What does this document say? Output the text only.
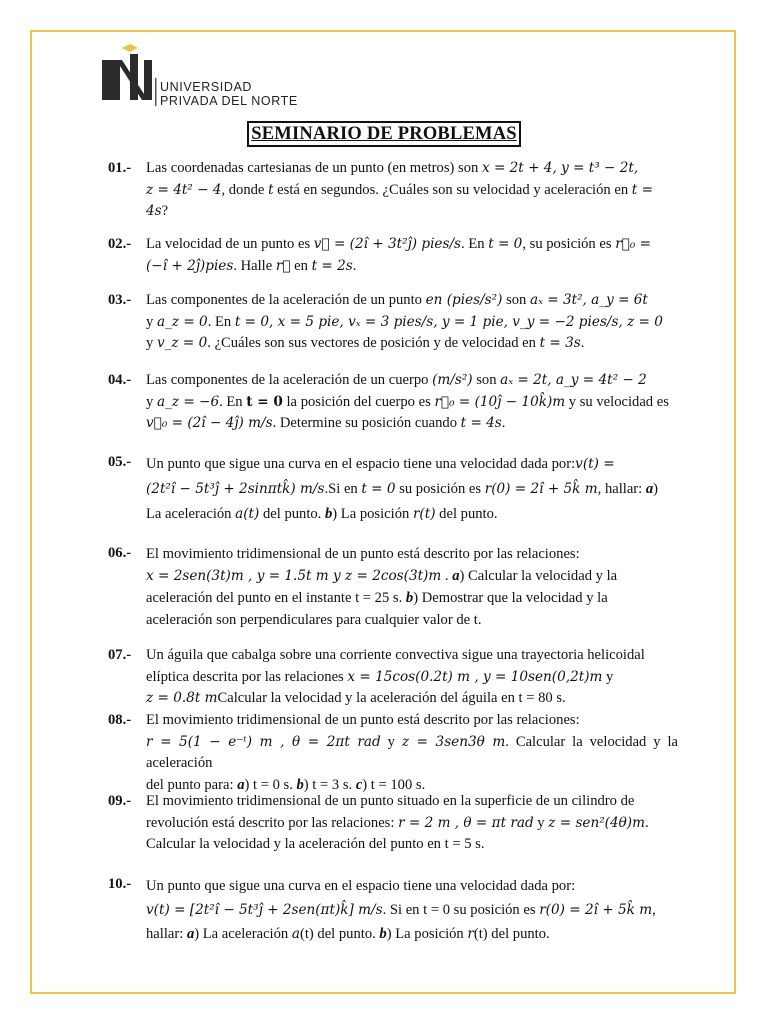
UNIVERSIDAD
PRIVADA DEL NORTE
SEMINARIO DE PROBLEMAS
01.- Las coordenadas cartesianas de un punto (en metros) son x = 2t + 4, y = t³ − 2t,
z = 4t² − 4, donde t está en segundos. ¿Cuáles son su velocidad y aceleración en t =
4s?
02.- La velocidad de un punto es v⃗ = (2î + 3t²ĵ) pies/s. En t = 0, su posición es r⃗₀ =
(−î + 2ĵ)pies. Halle r⃗ en t = 2s.
03.- Las componentes de la aceleración de un punto en (pies/s²) son aₓ = 3t², a_y = 6t
y a_z = 0. En t = 0, x = 5 pie, vₓ = 3 pies/s, y = 1 pie, v_y = −2 pies/s, z = 0
y v_z = 0. ¿Cuáles son sus vectores de posición y de velocidad en t = 3s.
04.- Las componentes de la aceleración de un cuerpo (m/s²) son aₓ = 2t, a_y = 4t² − 2
y a_z = −6. En t = 0 la posición del cuerpo es r⃗₀ = (10ĵ − 10k̂)m y su velocidad es
v⃗₀ = (2î − 4ĵ) m/s. Determine su posición cuando t = 4s.
05.- Un punto que sigue una curva en el espacio tiene una velocidad dada por:v(t) =
(2t²î − 5t³ĵ + 2sinπtk̂) m/s.Si en t = 0 su posición es r(0) = 2î + 5k̂ m, hallar: a)
La aceleración a(t) del punto. b) La posición r(t) del punto.
06.- El movimiento tridimensional de un punto está descrito por las relaciones:
x = 2sen(3t)m , y = 1.5t m y z = 2cos(3t)m . a) Calcular la velocidad y la
aceleración del punto en el instante t = 25 s. b) Demostrar que la velocidad y la
aceleración son perpendiculares para cualquier valor de t.
07.- Un águila que cabalga sobre una corriente convectiva sigue una trayectoria helicoidal
elíptica descrita por las relaciones x = 15cos(0.2t) m , y = 10sen(0,2t)m y
z = 0.8t mCalcular la velocidad y la aceleración del águila en t = 80 s.
08.- El movimiento tridimensional de un punto está descrito por las relaciones:
r = 5(1 − e⁻ᵗ) m , θ = 2πt rad y z = 3sen3θ m. Calcular la velocidad y la aceleración
del punto para: a) t = 0 s. b) t = 3 s. c) t = 100 s.
09.- El movimiento tridimensional de un punto situado en la superficie de un cilindro de
revolución está descrito por las relaciones: r = 2 m , θ = πt rad y z = sen²(4θ)m.
Calcular la velocidad y la aceleración del punto en t = 5 s.
10.- Un punto que sigue una curva en el espacio tiene una velocidad dada por:
v(t) = [2t²î − 5t³ĵ + 2sen(πt)k̂] m/s. Si en t = 0 su posición es r(0) = 2î + 5k̂ m,
hallar: a) La aceleración a(t) del punto. b) La posición r(t) del punto.
